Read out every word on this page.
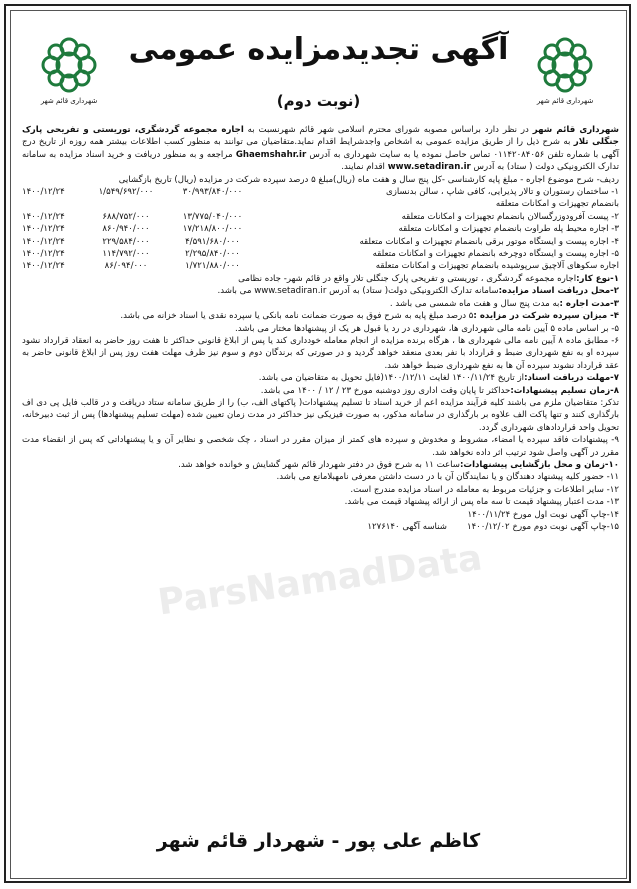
شهرداری قائم شهر
آگهی تجدیدمزایده عمومی
(نوبت دوم)	شهرداری قائم شهر
ParsNamadData

شهرداری قائم شهر در نظر دارد براساس مصوبه شورای محترم اسلامی شهر قائم شهرنسبت به اجاره مجموعه گردشگری، توریستی و تفریحی پارک جنگلی تلار به شرح ذیل را از طریق مزایده عمومی به اشخاص واجدشرایط اقدام نماید.متقاضیان می توانند به منظور کسب اطلاعات بیشتر همه روزه از تاریخ درج آگهی با شماره تلفن ۰۱۱۴۲۰۸۴۰۵۶ تماس حاصل نموده یا به سایت شهرداری به آدرس Ghaemshahr.ir مراجعه و به منظور دریافت و خرید اسناد مزایده به سامانه تدارک الکترونیکی دولت ( ستاد) به آدرس www.setadiran.ir اقدام نمایند.

ردیف- شرح موضوع اجاره - مبلغ پایه کارشناسی -کل پنج سال و هفت ماه (ریال)مبلغ ۵ درصد سپرده شرکت در مزایده (ریال) تاریخ بازگشایی

۱- ساختمان رستوران و تالار پذیرایی، کافی شاپ ، سالن بدنسازی
۳۰/۹۹۳/۸۴۰/۰۰۰
۱/۵۴۹/۶۹۲/۰۰۰
۱۴۰۰/۱۲/۲۴
بانضمام تجهیزات و امکانات متعلقه
۲- پیست آفرودوزرگسالان بانضمام تجهیزات و امکانات متعلقه
۱۳/۷۷۵/۰۴۰/۰۰۰
۶۸۸/۷۵۲/۰۰۰
۱۴۰۰/۱۲/۲۴
۳- اجاره محیط پله طراوت بانضمام تجهیزات و امکانات متعلقه
۱۷/۲۱۸/۸۰۰/۰۰۰
۸۶۰/۹۴۰/۰۰۰
۱۴۰۰/۱۲/۲۴
۴- اجاره پیست و ایستگاه موتور برقی بانضمام تجهیزات و امکانات متعلقه
۴/۵۹۱/۶۸۰/۰۰۰
۲۲۹/۵۸۴/۰۰۰
۱۴۰۰/۱۲/۲۴
۵- اجاره پیست و ایستگاه دوچرخه بانضمام تجهیزات و امکانات متعلقه
۲/۲۹۵/۸۴۰/۰۰۰
۱۱۴/۷۹۲/۰۰۰
۱۴۰۰/۱۲/۲۴
اجاره سکوهای آلاچیق سرپوشیده بانضمام تجهیزات و امکانات متعلقه
۱/۷۲۱/۸۸۰/۰۰۰
۸۶/۰۹۴/۰۰۰
۱۴۰۰/۱۲/۲۴

۱-نوع کار:اجاره مجموعه گردشگری ، توریستی و تفریحی پارک جنگلی تلار واقع در قائم شهر- جاده نظامی

۲-محل دریافت اسناد مزایده:سامانه تدارک الکترونیکی دولت( ستاد) به آدرس www.setadiran.ir می باشد.

۳-مدت اجاره :به مدت پنج سال و هفت ماه شمسی می باشد .

۴- میزان سپرده شرکت در مزایده :۵ درصد مبلغ پایه به شرح فوق به صورت ضمانت نامه بانکی یا سپرده نقدی یا اسناد خزانه می باشد.

۵- بر اساس ماده ۵ آیین نامه مالی شهرداری ها، شهرداری در رد یا قبول هر یک از پیشنهادها مختار می باشد.

۶- مطابق ماده ۸ آیین نامه مالی شهرداری ها ، هرگاه برنده مزایده از انجام معامله خودداری کند یا پس از ابلاغ قانونی حداکثر تا هفت روز حاضر به انعقاد قرارداد نشود سپرده او به نفع شهرداری ضبط و قرارداد با نفر بعدی منعقد خواهد گردید و در صورتی که برندگان دوم و سوم نیز ظرف مهلت هفت روز پس از ابلاغ قانونی حاضر به عقد قرارداد نشوند سپرده آن ها به نفع شهرداری ضبط خواهد شد.

۷-مهلت دریافت اسناد:از تاریخ ۱۴۰۰/۱۱/۲۴ لغایت ۱۴۰۰/۱۲/۱۱(فایل تحویل به متقاضیان می باشد.

۸-زمان تسلیم پیشنهادات:حداکثر تا پایان وقت اداری روز دوشنبه مورخ ۲۳ / ۱۲ / ۱۴۰۰ می باشد.

تذکر: متقاضیان ملزم می باشند کلیه فرآیند مزایده اعم از خرید اسناد تا تسلیم پیشنهادات( پاکتهای الف، ب) را از طریق سامانه ستاد دریافت و در قالب فایل پی دی اف بارگذاری کنند و تنها پاکت الف علاوه بر بارگذاری در سامانه مذکور، به صورت فیزیکی نیز حداکثر در مدت زمان تعیین شده (مهلت تسلیم پیشنهادها) پس از ثبت دبیرخانه، تحویل واحد قراردادهای شهرداری گردد.

۹- پیشنهادات فاقد سپرده یا امضاء، مشروط و مخدوش و سپرده های کمتر از میزان مقرر در اسناد ، چک شخصی و نظایر آن و یا پیشنهاداتی که پس از انقضاء مدت مقرر در آگهی واصل شود ترتیب اثر داده نخواهد شد.

۱۰-زمان و محل بازگشایی پیشنهادات:ساعت ۱۱ به شرح فوق در دفتر شهردار قائم شهر گشایش و خوانده خواهد شد.

۱۱- حضور کلیه پیشنهاد دهندگان و یا نمایندگان آن با در دست داشتن معرفی نامهبلامانع می باشد.

۱۲- سایر اطلاعات و جزئیات مربوط به معامله در اسناد مزایده مندرج است.

۱۳- مدت اعتبار پیشنهاد قیمت تا سه ماه پس از ارائه پیشنهاد قیمت می باشد.

۱۴-چاپ آگهی نوبت اول مورخ ۱۴۰۰/۱۱/۲۴
۱۵-چاپ آگهی نوبت دوم مورخ ۱۴۰۰/۱۲/۰۲
شناسه آگهی ۱۲۷۶۱۴۰
کاظم علی پور - شهردار قائم شهر
